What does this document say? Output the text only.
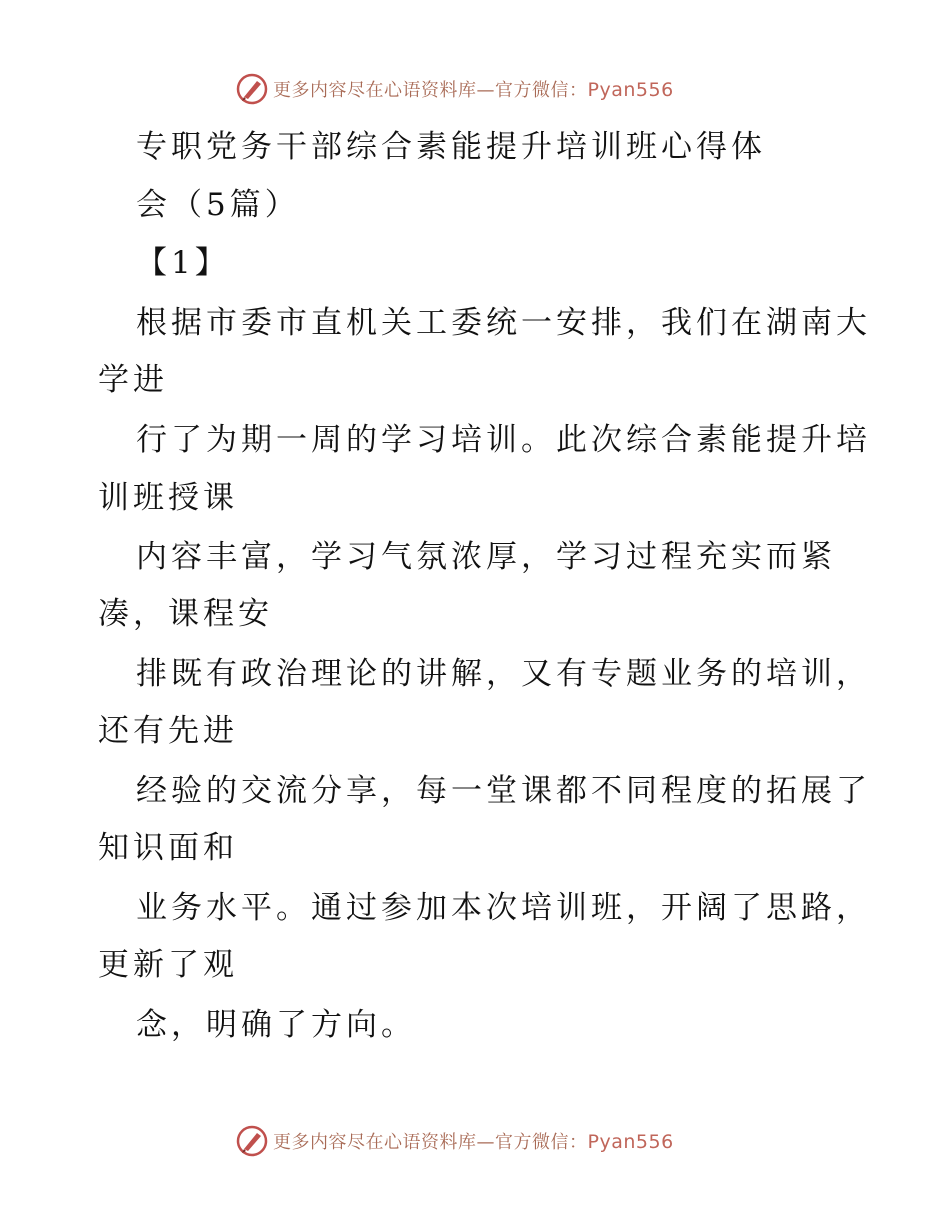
更多内容尽在心语资料库—官方微信：Pyan556
专职党务干部综合素能提升培训班心得体
会（5篇）
【1】
根据市委市直机关工委统一安排，我们在湖南大
学进
行了为期一周的学习培训。此次综合素能提升培
训班授课
内容丰富，学习气氛浓厚，学习过程充实而紧
凑，课程安
排既有政治理论的讲解，又有专题业务的培训，
还有先进
经验的交流分享，每一堂课都不同程度的拓展了
知识面和
业务水平。通过参加本次培训班，开阔了思路，
更新了观
念，明确了方向。
更多内容尽在心语资料库—官方微信：Pyan556
